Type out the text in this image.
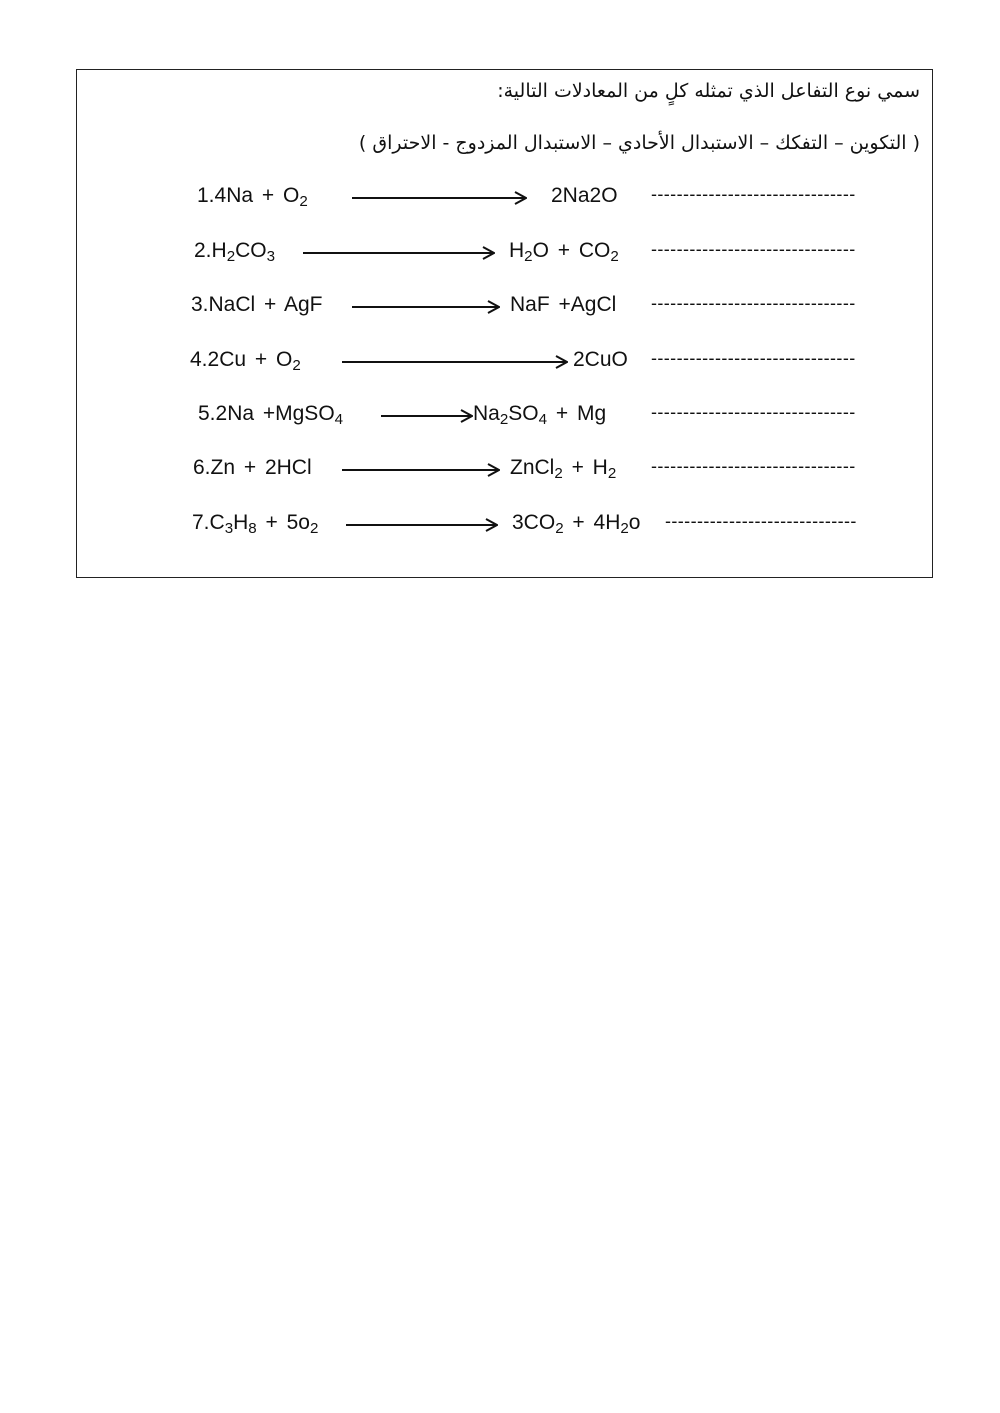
سمي نوع التفاعل الذي تمثله كلٍ من المعادلات التالية:
( التكوين – التفكك – الاستبدال الأحادي – الاستبدال المزدوج - الاحتراق )
$1.4Na + O_2$	2Na2O --------------------------------
$2.H_2CO_3$	$H_2O + CO_2$ --------------------------------
3.NaCl + AgF	NaF +AgCl --------------------------------
$4.2Cu + O_2$	2CuO --------------------------------
5.2Na +MgSO$_4$	$Na_2SO_4 + Mg$ --------------------------------
6.Zn + 2HCl	ZnCl$_2$ + $H_2$ --------------------------------
$7.C_3H_8 + 5o_2$	$3CO_2 + 4H_2o$ ------------------------------
